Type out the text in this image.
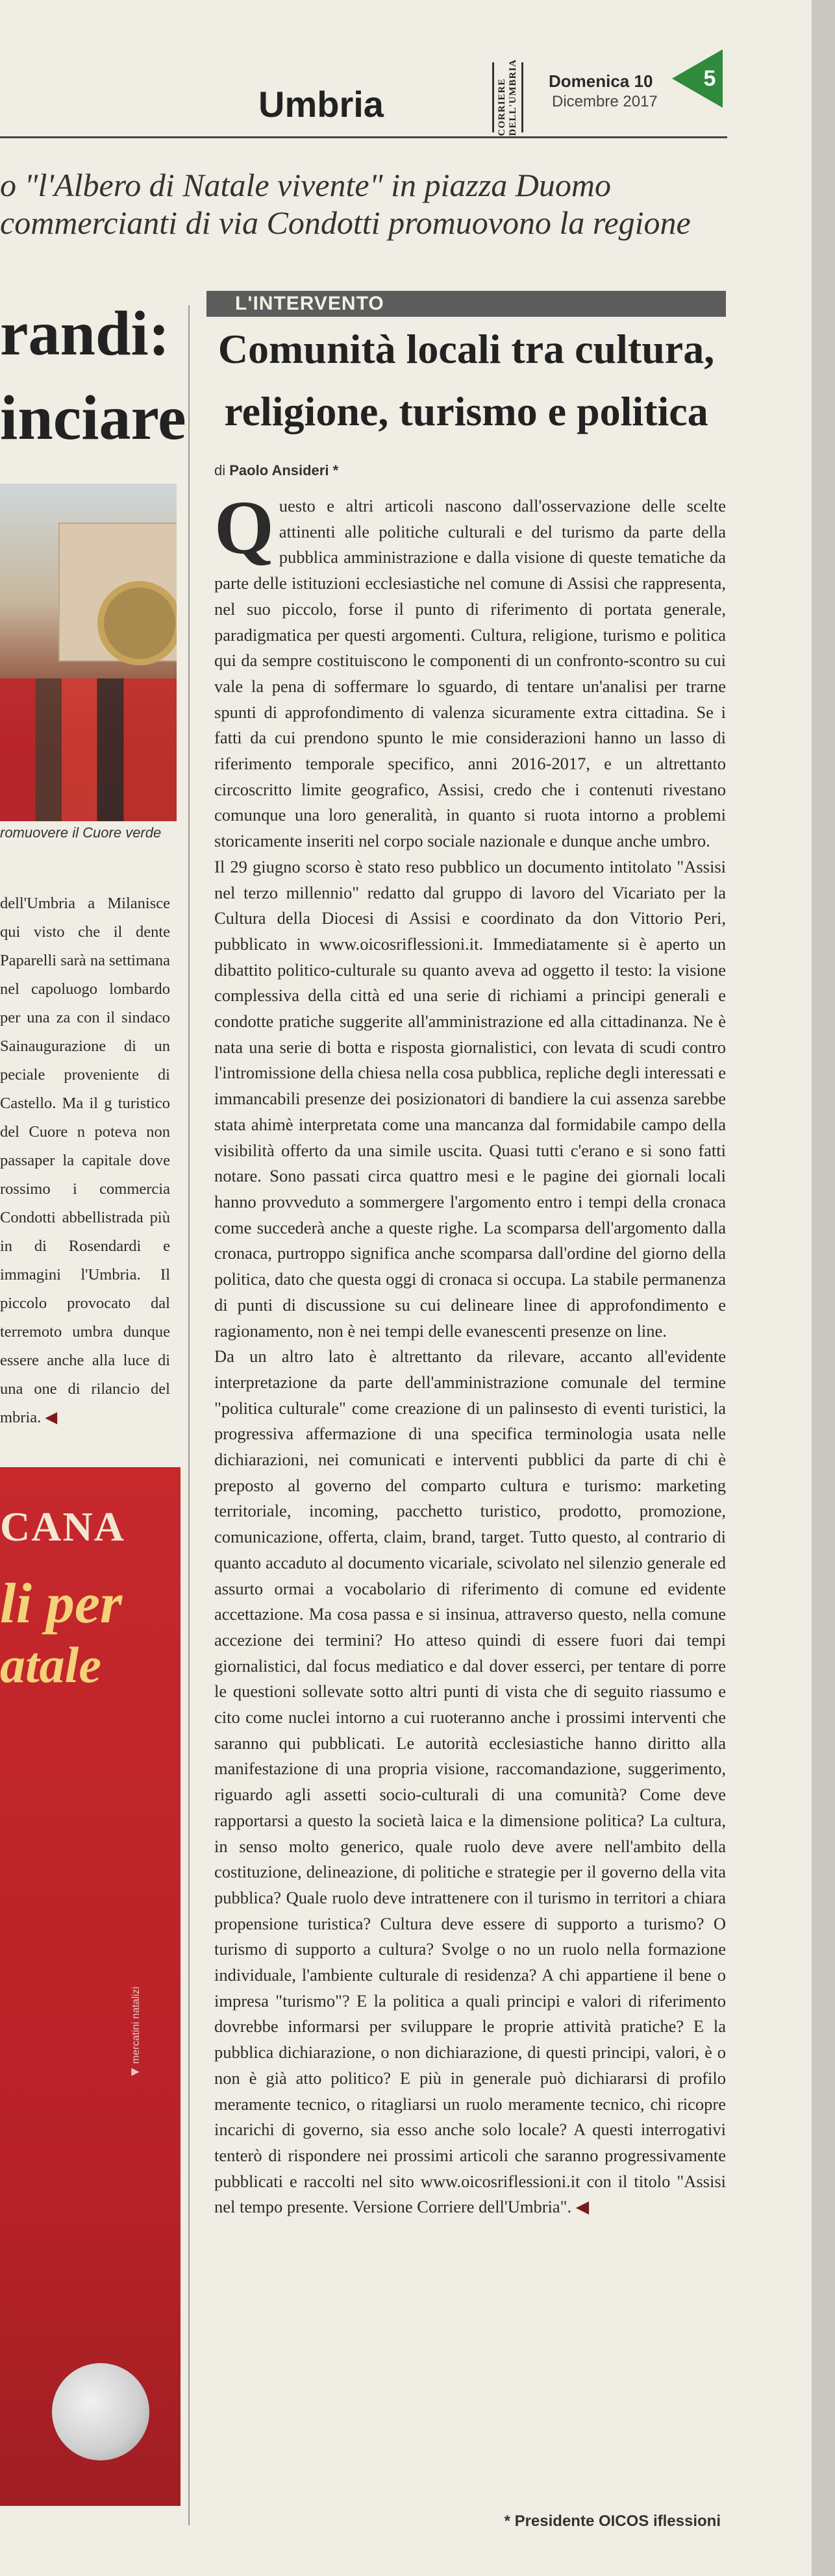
Umbria	CORRIERE DELL'UMBRIA Domenica 10
Dicembre 2017
5
o "l'Albero di Natale vivente" in piazza Duomo
commercianti di via Condotti promuovono la regione
randi:
inciare
romuovere il Cuore verde
dell'Umbria a Milanisce qui visto che il dente Paparelli sarà na settimana nel capoluogo lombardo per una za con il sindaco Sainaugurazione di un peciale proveniente di Castello. Ma il g turistico del Cuore n poteva non passaper la capitale dove rossimo i commercia Condotti abbellistrada più in di Rosendardi e immagini l'Umbria. Il piccolo provocato dal terremoto umbra dunque essere anche alla luce di una one di rilancio del mbria. ◀
CANA
li per
atale
◀ mercatini natalizi
L'INTERVENTO
Comunità locali tra cultura, religione, turismo e politica
di Paolo Ansideri *

Questo e altri articoli nascono dall'osservazione delle scelte attinenti alle politiche culturali e del turismo da parte della pubblica amministrazione e dalla visione di queste tematiche da parte delle istituzioni ecclesiastiche nel comune di Assisi che rappresenta, nel suo piccolo, forse il punto di riferimento di portata generale, paradigmatica per questi argomenti. Cultura, religione, turismo e politica qui da sempre costituiscono le componenti di un confronto-scontro su cui vale la pena di soffermare lo sguardo, di tentare un'analisi per trarne spunti di approfondimento di valenza sicuramente extra cittadina. Se i fatti da cui prendono spunto le mie considerazioni hanno un lasso di riferimento temporale specifico, anni 2016-2017, e un altrettanto circoscritto limite geografico, Assisi, credo che i contenuti rivestano comunque una loro generalità, in quanto si ruota intorno a problemi storicamente inseriti nel corpo sociale nazionale e dunque anche umbro.

Il 29 giugno scorso è stato reso pubblico un documento intitolato "Assisi nel terzo millennio" redatto dal gruppo di lavoro del Vicariato per la Cultura della Diocesi di Assisi e coordinato da don Vittorio Peri, pubblicato in www.oicosriflessioni.it. Immediatamente si è aperto un dibattito politico-culturale su quanto aveva ad oggetto il testo: la visione complessiva della città ed una serie di richiami a principi generali e condotte pratiche suggerite all'amministrazione ed alla cittadinanza. Ne è nata una serie di botta e risposta giornalistici, con levata di scudi contro l'intromissione della chiesa nella cosa pubblica, repliche degli interessati e immancabili presenze dei posizionatori di bandiere la cui assenza sarebbe stata ahimè interpretata come una mancanza dal formidabile campo della visibilità offerto da una simile uscita. Quasi tutti c'erano e si sono fatti notare. Sono passati circa quattro mesi e le pagine dei giornali locali hanno provveduto a sommergere l'argomento entro i tempi della cronaca come succederà anche a queste righe. La scomparsa dell'argomento dalla cronaca, purtroppo significa anche scomparsa dall'ordine del giorno della politica, dato che questa oggi di cronaca si occupa. La stabile permanenza di punti di discussione su cui delineare linee di approfondimento e ragionamento, non è nei tempi delle evanescenti presenze on line.

Da un altro lato è altrettanto da rilevare, accanto all'evidente interpretazione da parte dell'amministrazione comunale del termine "politica culturale" come creazione di un palinsesto di eventi turistici, la progressiva affermazione di una specifica terminologia usata nelle dichiarazioni, nei comunicati e interventi pubblici da parte di chi è preposto al governo del comparto cultura e turismo: marketing territoriale, incoming, pacchetto turistico, prodotto, promozione, comunicazione, offerta, claim, brand, target. Tutto questo, al contrario di quanto accaduto al documento vicariale, scivolato nel silenzio generale ed assurto ormai a vocabolario di riferimento di comune ed evidente accettazione. Ma cosa passa e si insinua, attraverso questo, nella comune accezione dei termini? Ho atteso quindi di essere fuori dai tempi giornalistici, dal focus mediatico e dal dover esserci, per tentare di porre le questioni sollevate sotto altri punti di vista che di seguito riassumo e cito come nuclei intorno a cui ruoteranno anche i prossimi interventi che saranno qui pubblicati. Le autorità ecclesiastiche hanno diritto alla manifestazione di una propria visione, raccomandazione, suggerimento, riguardo agli assetti socio-culturali di una comunità? Come deve rapportarsi a questo la società laica e la dimensione politica? La cultura, in senso molto generico, quale ruolo deve avere nell'ambito della costituzione, delineazione, di politiche e strategie per il governo della vita pubblica? Quale ruolo deve intrattenere con il turismo in territori a chiara propensione turistica? Cultura deve essere di supporto a turismo? O turismo di supporto a cultura? Svolge o no un ruolo nella formazione individuale, l'ambiente culturale di residenza? A chi appartiene il bene o impresa "turismo"? E la politica a quali principi e valori di riferimento dovrebbe informarsi per sviluppare le proprie attività pratiche? E la pubblica dichiarazione, o non dichiarazione, di questi principi, valori, è o non è già atto politico? E più in generale può dichiararsi di profilo meramente tecnico, o ritagliarsi un ruolo meramente tecnico, chi ricopre incarichi di governo, sia esso anche solo locale? A questi interrogativi tenterò di rispondere nei prossimi articoli che saranno progressivamente pubblicati e raccolti nel sito www.oicosriflessioni.it con il titolo "Assisi nel tempo presente. Versione Corriere dell'Umbria". ◀

* Presidente OICOS iflessioni
